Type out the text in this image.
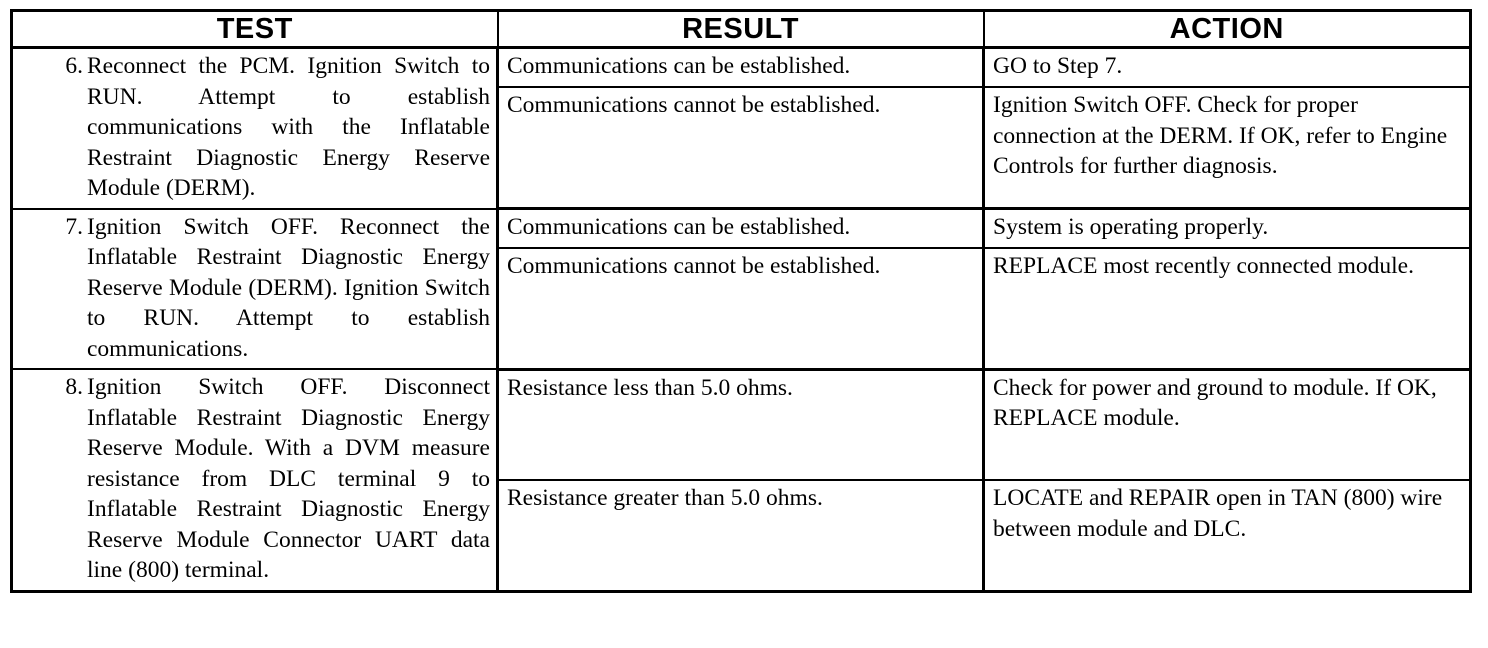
TEST	RESULT	ACTION

6. Reconnect the PCM. Ignition Switch to RUN. Attempt to establish communications with the Inflatable Restraint Diagnostic Energy Reserve Module (DERM).	Communications can be established.	GO to Step 7.
	Communications cannot be established.	Ignition Switch OFF. Check for proper connection at the DERM. If OK, refer to Engine Controls for further diagnosis.

7. Ignition Switch OFF. Reconnect the Inflatable Restraint Diagnostic Energy Reserve Module (DERM). Ignition Switch to RUN. Attempt to establish communications.	Communications can be established.	System is operating properly.
	Communications cannot be established.	REPLACE most recently connected module.

8. Ignition Switch OFF. Disconnect Inflatable Restraint Diagnostic Energy Reserve Module. With a DVM measure resistance from DLC terminal 9 to Inflatable Restraint Diagnostic Energy Reserve Module Connector UART data line (800) terminal.	Resistance less than 5.0 ohms.	Check for power and ground to module. If OK, REPLACE module.
	Resistance greater than 5.0 ohms.	LOCATE and REPAIR open in TAN (800) wire between module and DLC.
